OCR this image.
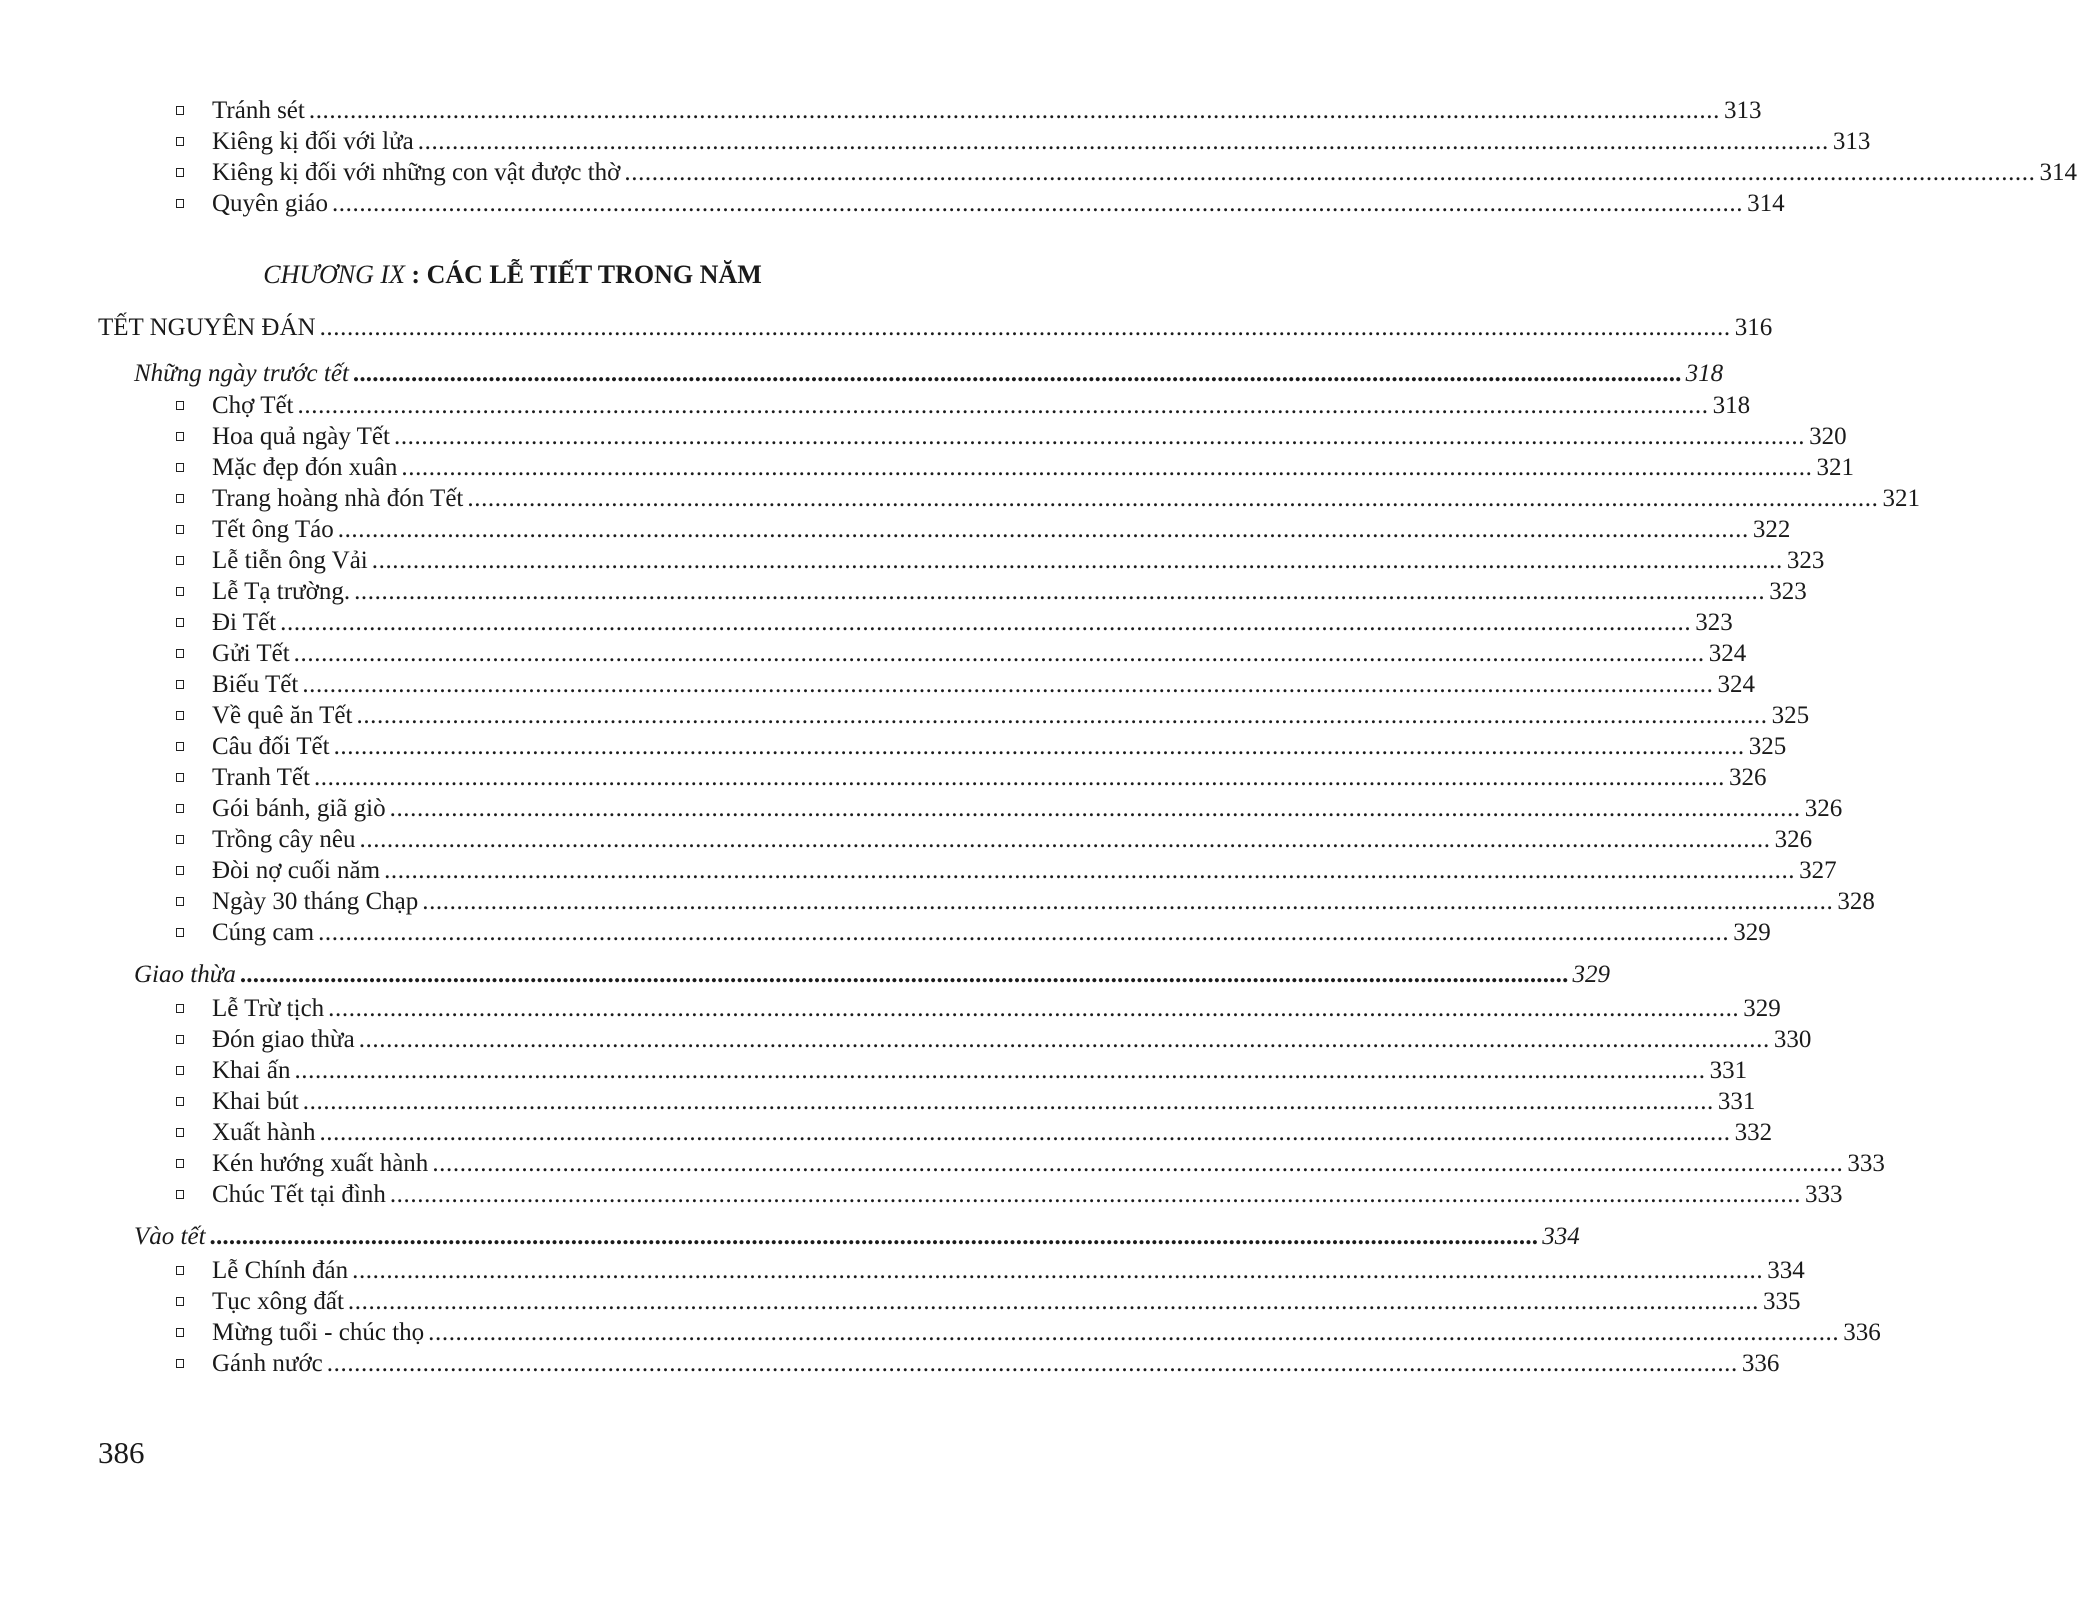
Tránh sét .............................................................................................................................................................................................................. 313
Kiêng kị đối với lửa .............................................................................................................................................................................................................. 313
Kiêng kị đối với những con vật được thờ .............................................................................................................................................................................................................. 314
Quyên giáo .............................................................................................................................................................................................................. 314
CHƯƠNG IX : CÁC LỄ TIẾT TRONG NĂM
TẾT NGUYÊN ĐÁN .............................................................................................................................................................................................................. 316
Những ngày trước tết .............................................................................................................................................................................................................. 318
Chợ Tết .............................................................................................................................................................................................................. 318
Hoa quả ngày Tết .............................................................................................................................................................................................................. 320
Mặc đẹp đón xuân .............................................................................................................................................................................................................. 321
Trang hoàng nhà đón Tết .............................................................................................................................................................................................................. 321
Tết ông Táo .............................................................................................................................................................................................................. 322
Lễ tiễn ông Vải .............................................................................................................................................................................................................. 323
Lễ Tạ trường. .............................................................................................................................................................................................................. 323
Đi Tết .............................................................................................................................................................................................................. 323
Gửi Tết .............................................................................................................................................................................................................. 324
Biếu Tết .............................................................................................................................................................................................................. 324
Về quê ăn Tết .............................................................................................................................................................................................................. 325
Câu đối Tết .............................................................................................................................................................................................................. 325
Tranh Tết .............................................................................................................................................................................................................. 326
Gói bánh, giã giò .............................................................................................................................................................................................................. 326
Trồng cây nêu .............................................................................................................................................................................................................. 326
Đòi nợ cuối năm .............................................................................................................................................................................................................. 327
Ngày 30 tháng Chạp .............................................................................................................................................................................................................. 328
Cúng cam .............................................................................................................................................................................................................. 329
Giao thừa .............................................................................................................................................................................................................. 329
Lễ Trừ tịch .............................................................................................................................................................................................................. 329
Đón giao thừa .............................................................................................................................................................................................................. 330
Khai ấn .............................................................................................................................................................................................................. 331
Khai bút .............................................................................................................................................................................................................. 331
Xuất hành .............................................................................................................................................................................................................. 332
Kén hướng xuất hành .............................................................................................................................................................................................................. 333
Chúc Tết tại đình .............................................................................................................................................................................................................. 333
Vào tết .............................................................................................................................................................................................................. 334
Lễ Chính đán .............................................................................................................................................................................................................. 334
Tục xông đất .............................................................................................................................................................................................................. 335
Mừng tuổi - chúc thọ .............................................................................................................................................................................................................. 336
Gánh nước .............................................................................................................................................................................................................. 336
386
